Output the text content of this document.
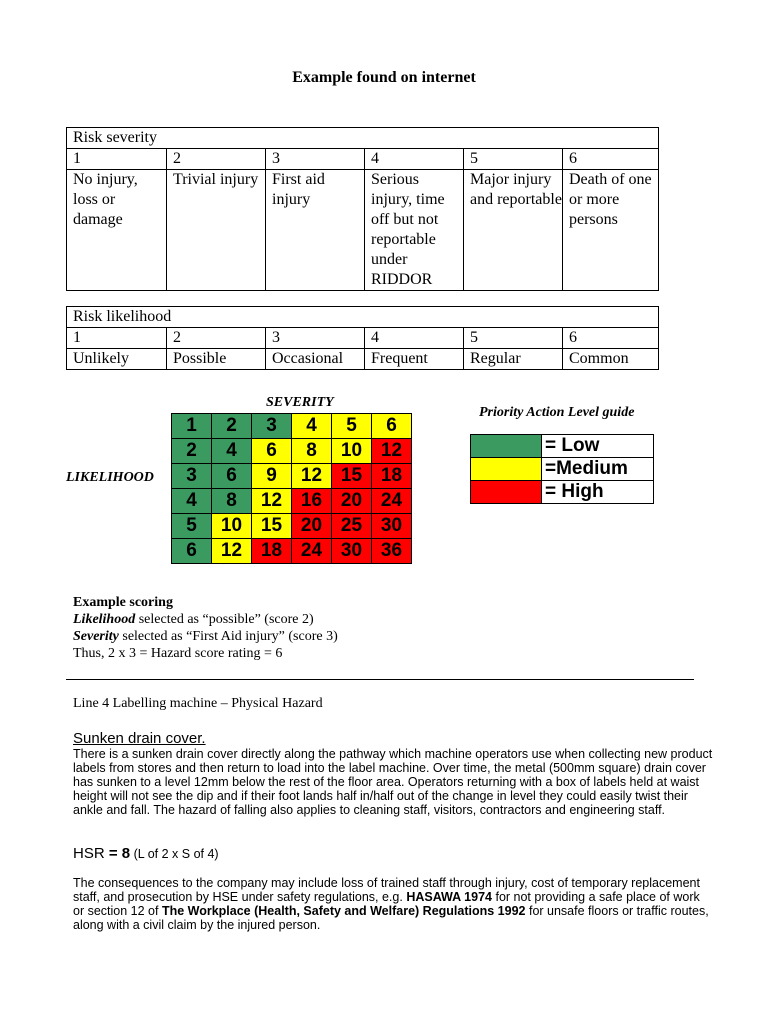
Example found on internet
Risk severity					
1	2	3	4	5	6
No injury, loss or damage	Trivial injury	First aid injury	Serious injury, time off but not reportable under RIDDOR	Major injury and reportable	Death of one or more persons
Risk likelihood					
1	2	3	4	5	6
Unlikely	Possible	Occasional	Frequent	Regular	Common
SEVERITY
LIKELIHOOD
1	2	3	4	5	6
2	4	6	8	10	12
3	6	9	12	15	18
4	8	12	16	20	24
5	10	15	20	25	30
6	12	18	24	30	36
Priority Action Level guide
	= Low
	=Medium
	= High

Example scoring

Likelihood selected as “possible” (score 2)

Severity selected as “First Aid injury” (score 3)

Thus, 2 x 3 = Hazard score rating = 6

Line 4 Labelling machine – Physical Hazard
Sunken drain cover.

There is a sunken drain cover directly along the pathway which machine operators use when collecting new product labels from stores and then return to load into the label machine. Over time, the metal (500mm square) drain cover has sunken to a level 12mm below the rest of the floor area. Operators returning with a box of labels held at waist height will not see the dip and if their foot lands half in/half out of the change in level they could easily twist their ankle and fall. The hazard of falling also applies to cleaning staff, visitors, contractors and engineering staff.

HSR = 8 (L of 2 x S of 4)

The consequences to the company may include loss of trained staff through injury, cost of temporary replacement staff, and prosecution by HSE under safety regulations, e.g. HASAWA 1974 for not providing a safe place of work or section 12 of The Workplace (Health, Safety and Welfare) Regulations 1992 for unsafe floors or traffic routes, along with a civil claim by the injured person.
